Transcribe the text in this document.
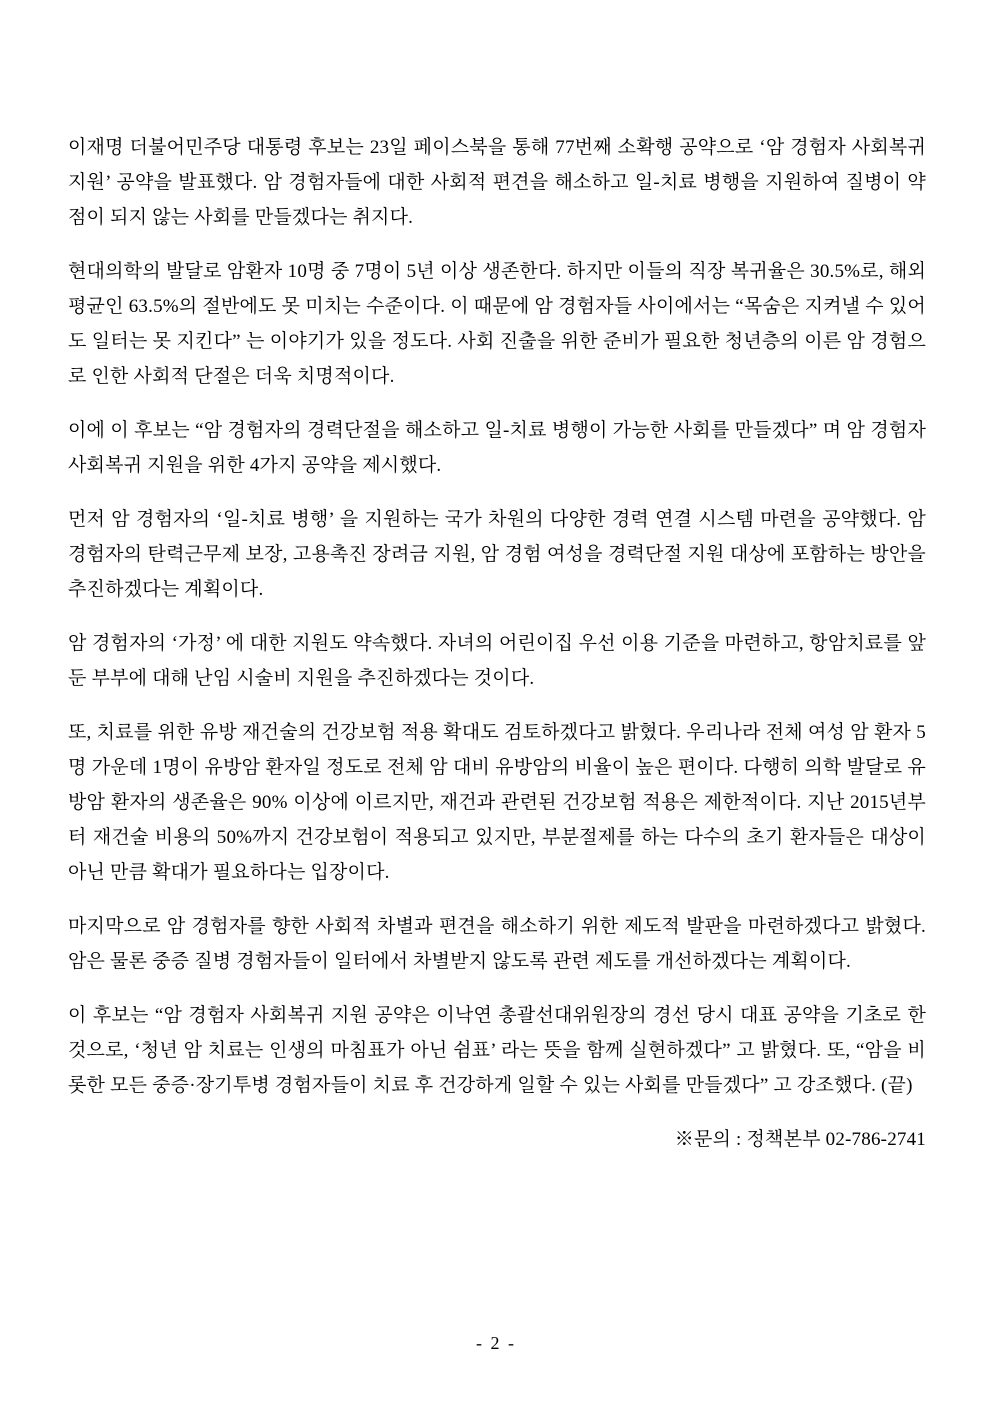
이재명 더불어민주당 대통령 후보는 23일 페이스북을 통해 77번째 소확행 공약으로 ‘암 경험자 사회복귀 지원’ 공약을 발표했다. 암 경험자들에 대한 사회적 편견을 해소하고 일-치료 병행을 지원하여 질병이 약점이 되지 않는 사회를 만들겠다는 취지다.

현대의학의 발달로 암환자 10명 중 7명이 5년 이상 생존한다. 하지만 이들의 직장 복귀율은 30.5%로, 해외 평균인 63.5%의 절반에도 못 미치는 수준이다. 이 때문에 암 경험자들 사이에서는 “목숨은 지켜낼 수 있어도 일터는 못 지킨다” 는 이야기가 있을 정도다. 사회 진출을 위한 준비가 필요한 청년층의 이른 암 경험으로 인한 사회적 단절은 더욱 치명적이다.

이에 이 후보는 “암 경험자의 경력단절을 해소하고 일-치료 병행이 가능한 사회를 만들겠다” 며 암 경험자 사회복귀 지원을 위한 4가지 공약을 제시했다.

먼저 암 경험자의 ‘일-치료 병행’ 을 지원하는 국가 차원의 다양한 경력 연결 시스템 마련을 공약했다. 암 경험자의 탄력근무제 보장, 고용촉진 장려금 지원, 암 경험 여성을 경력단절 지원 대상에 포함하는 방안을 추진하겠다는 계획이다.

암 경험자의 ‘가정’ 에 대한 지원도 약속했다. 자녀의 어린이집 우선 이용 기준을 마련하고, 항암치료를 앞둔 부부에 대해 난임 시술비 지원을 추진하겠다는 것이다.

또, 치료를 위한 유방 재건술의 건강보험 적용 확대도 검토하겠다고 밝혔다. 우리나라 전체 여성 암 환자 5명 가운데 1명이 유방암 환자일 정도로 전체 암 대비 유방암의 비율이 높은 편이다. 다행히 의학 발달로 유방암 환자의 생존율은 90% 이상에 이르지만, 재건과 관련된 건강보험 적용은 제한적이다. 지난 2015년부터 재건술 비용의 50%까지 건강보험이 적용되고 있지만, 부분절제를 하는 다수의 초기 환자들은 대상이 아닌 만큼 확대가 필요하다는 입장이다.

마지막으로 암 경험자를 향한 사회적 차별과 편견을 해소하기 위한 제도적 발판을 마련하겠다고 밝혔다. 암은 물론 중증 질병 경험자들이 일터에서 차별받지 않도록 관련 제도를 개선하겠다는 계획이다.

이 후보는 “암 경험자 사회복귀 지원 공약은 이낙연 총괄선대위원장의 경선 당시 대표 공약을 기초로 한 것으로, ‘청년 암 치료는 인생의 마침표가 아닌 쉼표’ 라는 뜻을 함께 실현하겠다” 고 밝혔다. 또, “암을 비롯한 모든 중증·장기투병 경험자들이 치료 후 건강하게 일할 수 있는 사회를 만들겠다” 고 강조했다. (끝)

※문의 : 정책본부 02-786-2741

- 2 -
